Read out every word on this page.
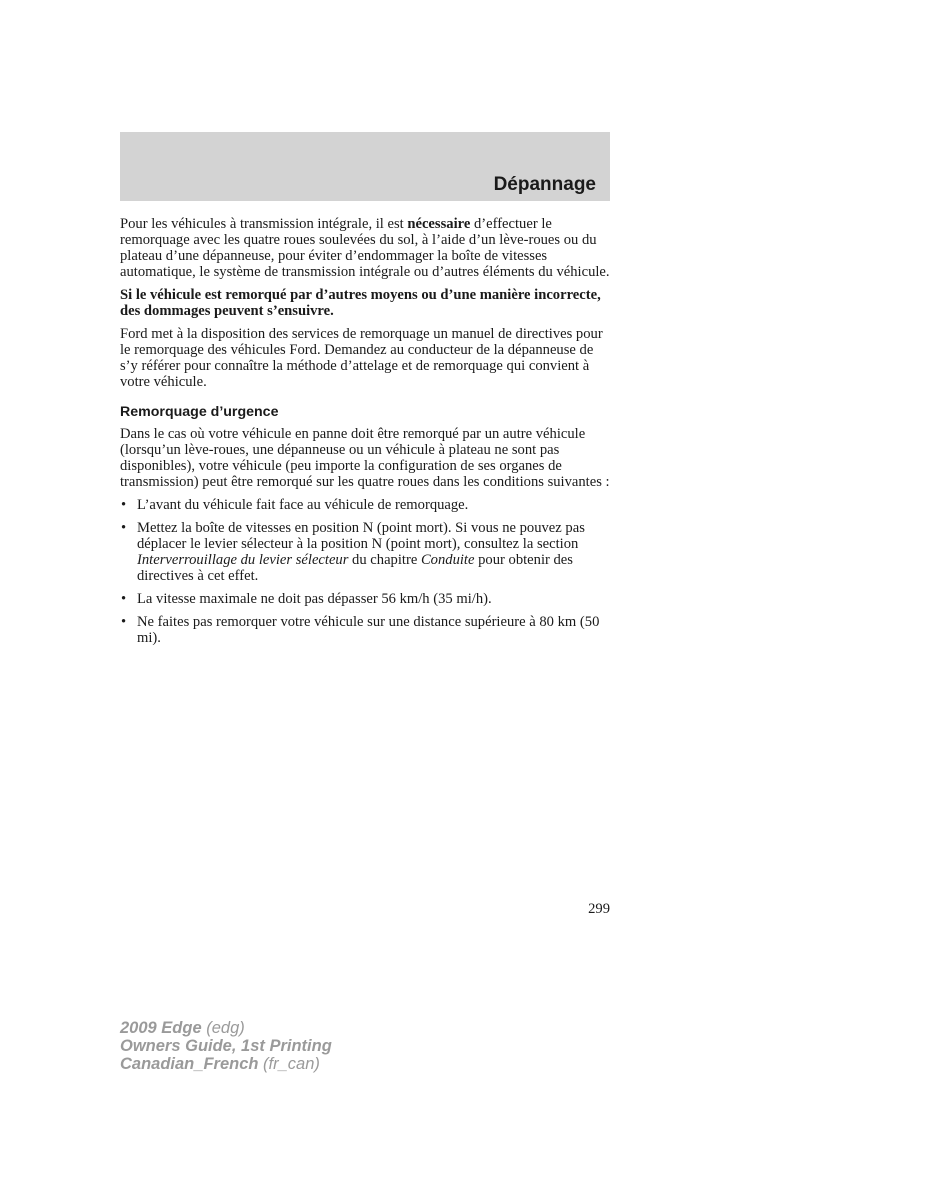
Dépannage

Pour les véhicules à transmission intégrale, il est nécessaire d’effectuer le remorquage avec les quatre roues soulevées du sol, à l’aide d’un lève-roues ou du plateau d’une dépanneuse, pour éviter d’endommager la boîte de vitesses automatique, le système de transmission intégrale ou d’autres éléments du véhicule.

Si le véhicule est remorqué par d’autres moyens ou d’une manière incorrecte, des dommages peuvent s’ensuivre.

Ford met à la disposition des services de remorquage un manuel de directives pour le remorquage des véhicules Ford. Demandez au conducteur de la dépanneuse de s’y référer pour connaître la méthode d’attelage et de remorquage qui convient à votre véhicule.

Remorquage d’urgence

Dans le cas où votre véhicule en panne doit être remorqué par un autre véhicule (lorsqu’un lève-roues, une dépanneuse ou un véhicule à plateau ne sont pas disponibles), votre véhicule (peu importe la configuration de ses organes de transmission) peut être remorqué sur les quatre roues dans les conditions suivantes :

• L’avant du véhicule fait face au véhicule de remorquage.
• Mettez la boîte de vitesses en position N (point mort). Si vous ne pouvez pas déplacer le levier sélecteur à la position N (point mort), consultez la section Interverrouillage du levier sélecteur du chapitre Conduite pour obtenir des directives à cet effet.
• La vitesse maximale ne doit pas dépasser 56 km/h (35 mi/h).
• Ne faites pas remorquer votre véhicule sur une distance supérieure à 80 km (50 mi).
299
2009 Edge (edg)
Owners Guide, 1st Printing
Canadian_French (fr_can)
